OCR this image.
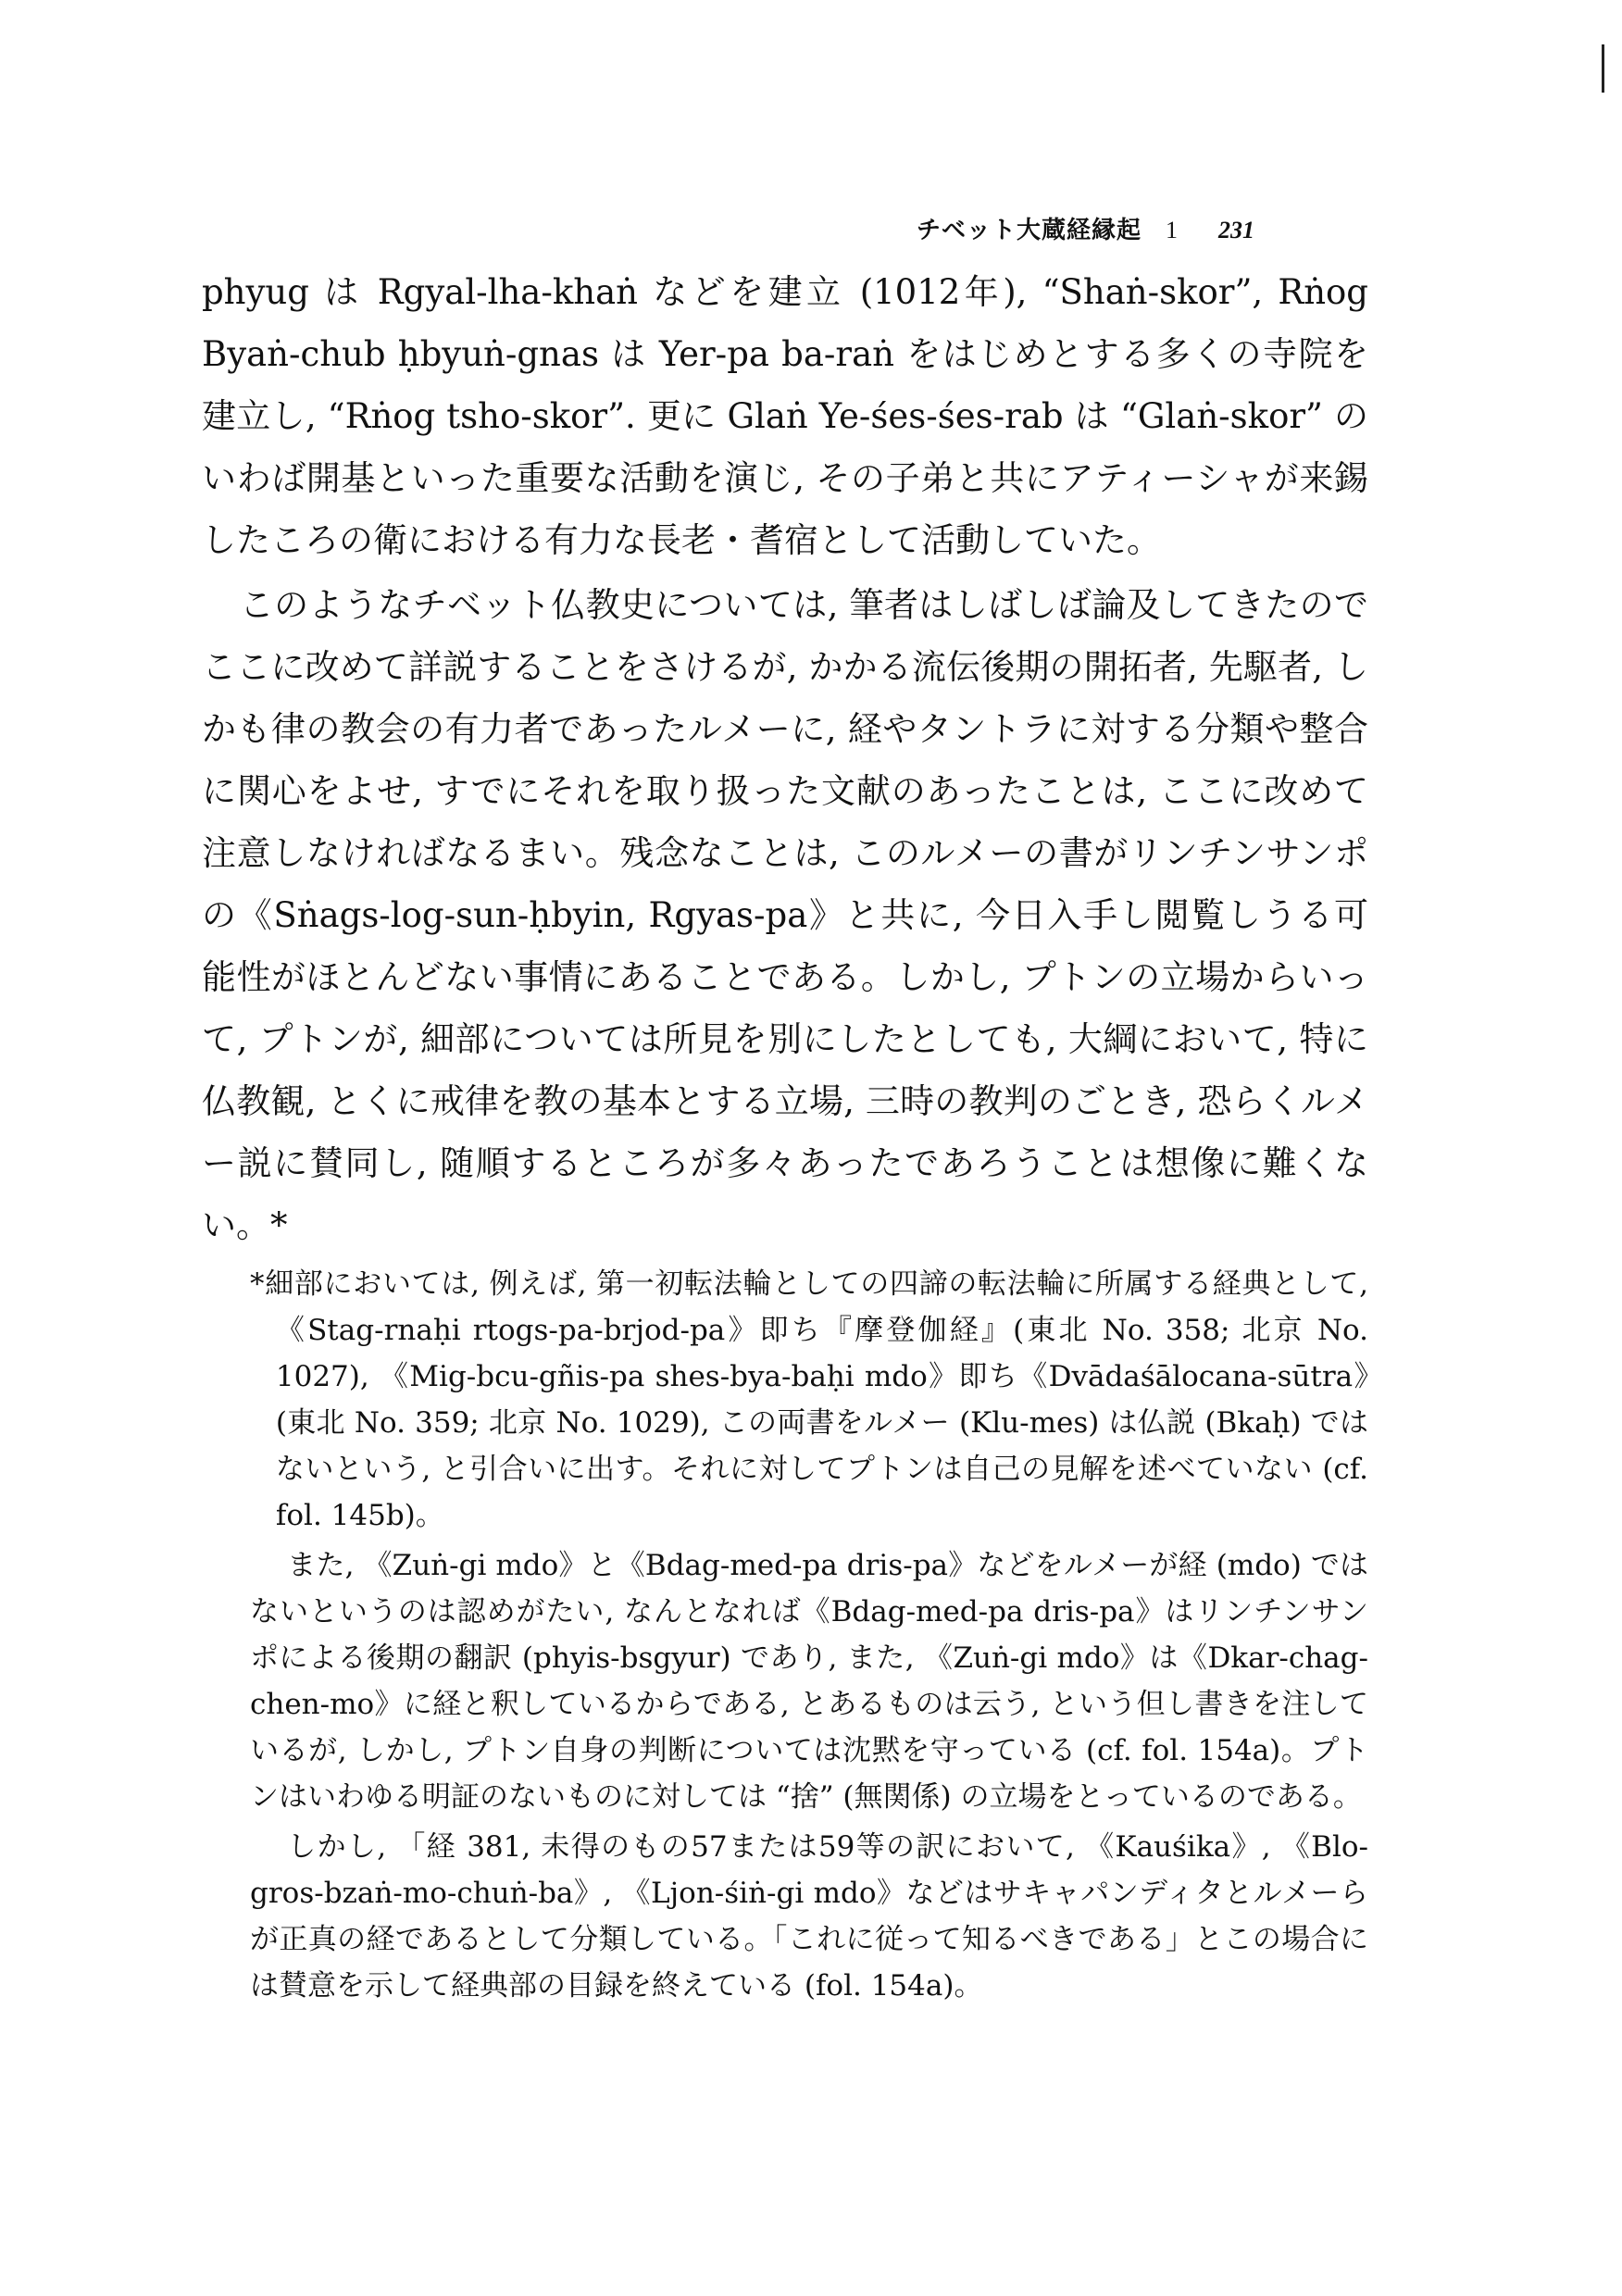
チベット大蔵経縁起 1 231

phyug は Rgyal-lha-khaṅ などを建立 (1012年), “Shaṅ-skor”, Rṅog Byaṅ-chub ḥbyuṅ-gnas は Yer-pa ba-raṅ をはじめとする多くの寺院を建立し, “Rṅog tsho-skor”. 更に Glaṅ Ye-śes-śes-rab は “Glaṅ-skor” のいわば開基といった重要な活動を演じ, その子弟と共にアティーシャが来錫したころの衛における有力な長老・耆宿として活動していた。

このようなチベット仏教史については, 筆者はしばしば論及してきたのでここに改めて詳説することをさけるが, かかる流伝後期の開拓者, 先駆者, しかも律の教会の有力者であったルメーに, 経やタントラに対する分類や整合に関心をよせ, すでにそれを取り扱った文献のあったことは, ここに改めて注意しなければなるまい。残念なことは, このルメーの書がリンチンサンポの《Sṅags-log-sun-ḥbyin, Rgyas-pa》と共に, 今日入手し閲覧しうる可能性がほとんどない事情にあることである。しかし, プトンの立場からいって, プトンが, 細部については所見を別にしたとしても, 大綱において, 特に仏教観, とくに戒律を教の基本とする立場, 三時の教判のごとき, 恐らくルメー説に賛同し, 随順するところが多々あったであろうことは想像に難くない。*

*細部においては, 例えば, 第一初転法輪としての四諦の転法輪に所属する経典として, 《Stag-rnaḥi rtogs-pa-brjod-pa》即ち『摩登伽経』(東北 No. 358; 北京 No. 1027), 《Mig-bcu-gñis-pa shes-bya-baḥi mdo》即ち《Dvādaśālocana-sūtra》(東北 No. 359; 北京 No. 1029), この両書をルメー (Klu-mes) は仏説 (Bkaḥ) ではないという, と引合いに出す。それに対してプトンは自己の見解を述べていない (cf. fol. 145b)。

また, 《Zuṅ-gi mdo》と《Bdag-med-pa dris-pa》などをルメーが経 (mdo) ではないというのは認めがたい, なんとなれば《Bdag-med-pa dris-pa》はリンチンサンポによる後期の翻訳 (phyis-bsgyur) であり, また, 《Zuṅ-gi mdo》は《Dkar-chag-chen-mo》に経と釈しているからである, とあるものは云う, という但し書きを注しているが, しかし, プトン自身の判断については沈黙を守っている (cf. fol. 154a)。プトンはいわゆる明証のないものに対しては “捨” (無関係) の立場をとっているのである。

しかし, 「経 381, 未得のもの57または59等の訳において, 《Kauśika》, 《Blo-gros-bzaṅ-mo-chuṅ-ba》, 《Ljon-śiṅ-gi mdo》などはサキャパンディタとルメーらが正真の経であるとして分類している。「これに従って知るべきである」とこの場合には賛意を示して経典部の目録を終えている (fol. 154a)。
